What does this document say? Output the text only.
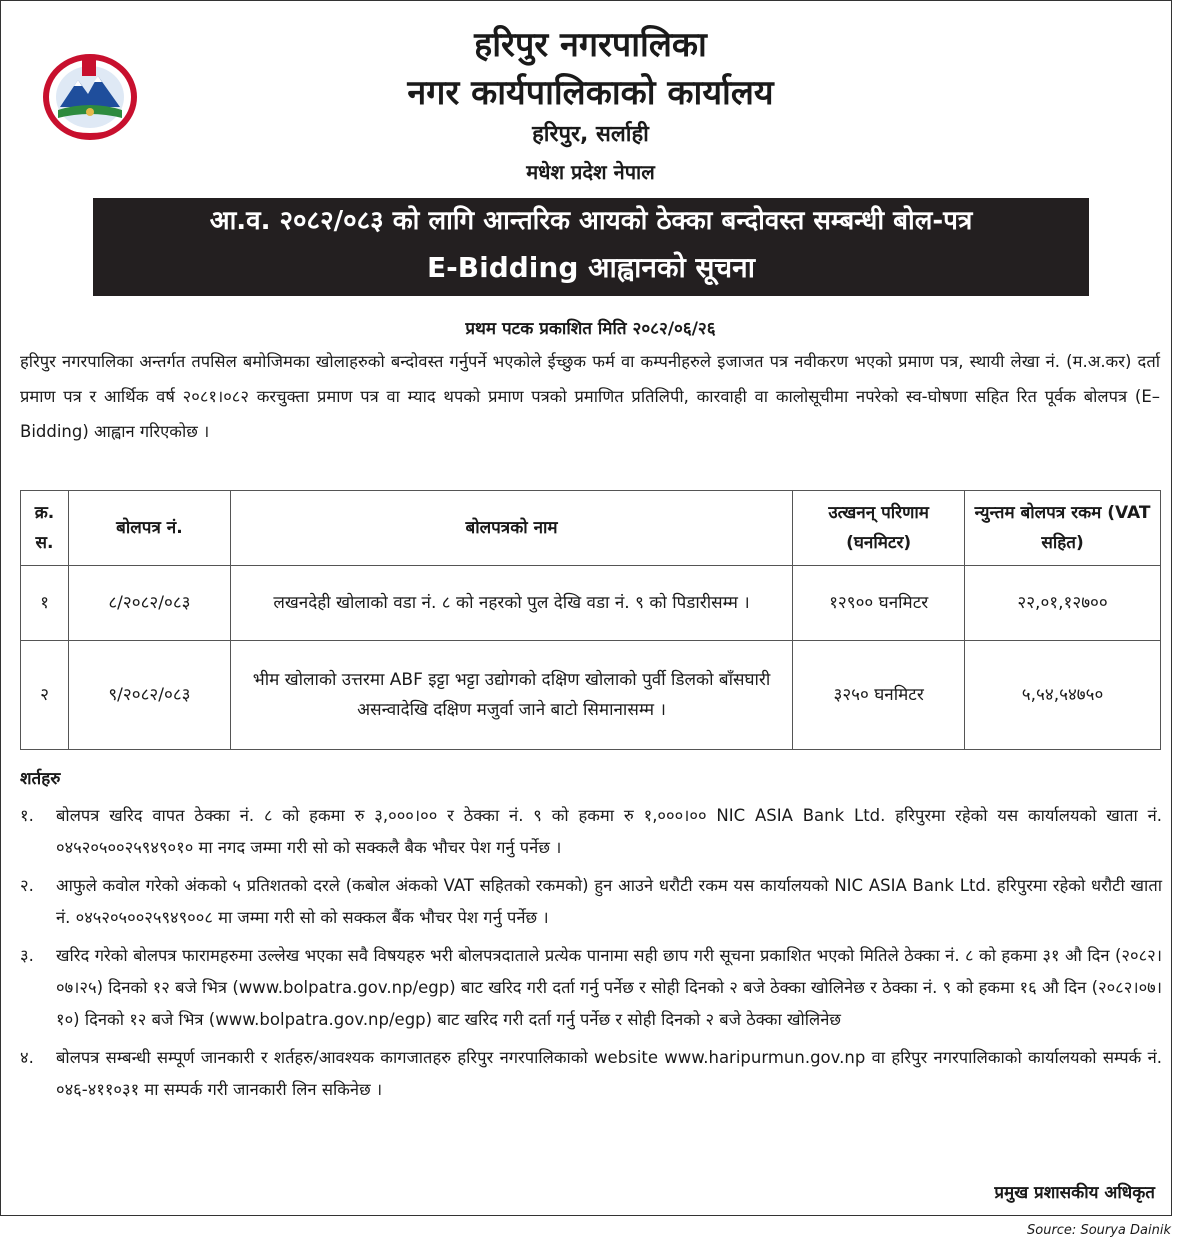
हरिपुर नगरपालिका
नगर कार्यपालिकाको कार्यालय
हरिपुर, सर्लाही
मधेश प्रदेश नेपाल
आ.व. २०८२/०८३ को लागि आन्तरिक आयको ठेक्का बन्दोवस्त सम्बन्धी बोल-पत्र
E-Bidding आह्वानको सूचना
प्रथम पटक प्रकाशित मिति २०८२/०६/२६

हरिपुर नगरपालिका अन्तर्गत तपसिल बमोजिमका खोलाहरुको बन्दोवस्त गर्नुपर्ने भएकोले ईच्छुक फर्म वा कम्पनीहरुले इजाजत पत्र नवीकरण भएको प्रमाण पत्र, स्थायी लेखा नं. (म.अ.कर) दर्ता प्रमाण पत्र र आर्थिक वर्ष २०८१।०८२ करचुक्ता प्रमाण पत्र वा म्याद थपको प्रमाण पत्रको प्रमाणित प्रतिलिपी, कारवाही वा कालोसूचीमा नपरेको स्व-घोषणा सहित रित पूर्वक बोलपत्र (E–Bidding) आह्वान गरिएकोछ ।

क्र. स.	बोलपत्र नं.	बोलपत्रको नाम	उत्खनन् परिणाम (घनमिटर)	न्युन्तम बोलपत्र रकम (VAT सहित)
१	८/२०८२/०८३	लखनदेही खोलाको वडा नं. ८ को नहरको पुल देखि वडा नं. ९ को पिडारीसम्म ।	१२९०० घनमिटर	२२,०१,१२७००
२	९/२०८२/०८३	भीम खोलाको उत्तरमा ABF इट्टा भट्टा उद्योगको दक्षिण खोलाको पुर्वी डिलको बाँसघारी असन्वादेखि दक्षिण मजुर्वा जाने बाटो सिमानासम्म ।	३२५० घनमिटर	५,५४,५४७५०
शर्तहरु
१. बोलपत्र खरिद वापत ठेक्का नं. ८ को हकमा रु ३,०००।०० र ठेक्का नं. ९ को हकमा रु १,०००।०० NIC ASIA Bank Ltd. हरिपुरमा रहेको यस कार्यालयको खाता नं. ०४५२०५००२५९४९०१० मा नगद जम्मा गरी सो को सक्कलै बैक भौचर पेश गर्नु पर्नेछ ।
२. आफुले कवोल गरेको अंकको ५ प्रतिशतको दरले (कबोल अंकको VAT सहितको रकमको) हुन आउने धरौटी रकम यस कार्यालयको NIC ASIA Bank Ltd. हरिपुरमा रहेको धरौटी खाता नं. ०४५२०५००२५९४९००८ मा जम्मा गरी सो को सक्कल बैंक भौचर पेश गर्नु पर्नेछ ।
३. खरिद गरेको बोलपत्र फारामहरुमा उल्लेख भएका सवै विषयहरु भरी बोलपत्रदाताले प्रत्येक पानामा सही छाप गरी सूचना प्रकाशित भएको मितिले ठेक्का नं. ८ को हकमा ३१ औ दिन (२०८२।०७।२५) दिनको १२ बजे भित्र (www.bolpatra.gov.np/egp) बाट खरिद गरी दर्ता गर्नु पर्नेछ र सोही दिनको २ बजे ठेक्का खोलिनेछ र ठेक्का नं. ९ को हकमा १६ औ दिन (२०८२।०७।१०) दिनको १२ बजे भित्र (www.bolpatra.gov.np/egp) बाट खरिद गरी दर्ता गर्नु पर्नेछ र सोही दिनको २ बजे ठेक्का खोलिनेछ
४. बोलपत्र सम्बन्धी सम्पूर्ण जानकारी र शर्तहरु/आवश्यक कागजातहरु हरिपुर नगरपालिकाको website www.haripurmun.gov.np वा हरिपुर नगरपालिकाको कार्यालयको सम्पर्क नं. ०४६-४११०३१ मा सम्पर्क गरी जानकारी लिन सकिनेछ ।
प्रमुख प्रशासकीय अधिकृत
Source: Sourya Dainik
